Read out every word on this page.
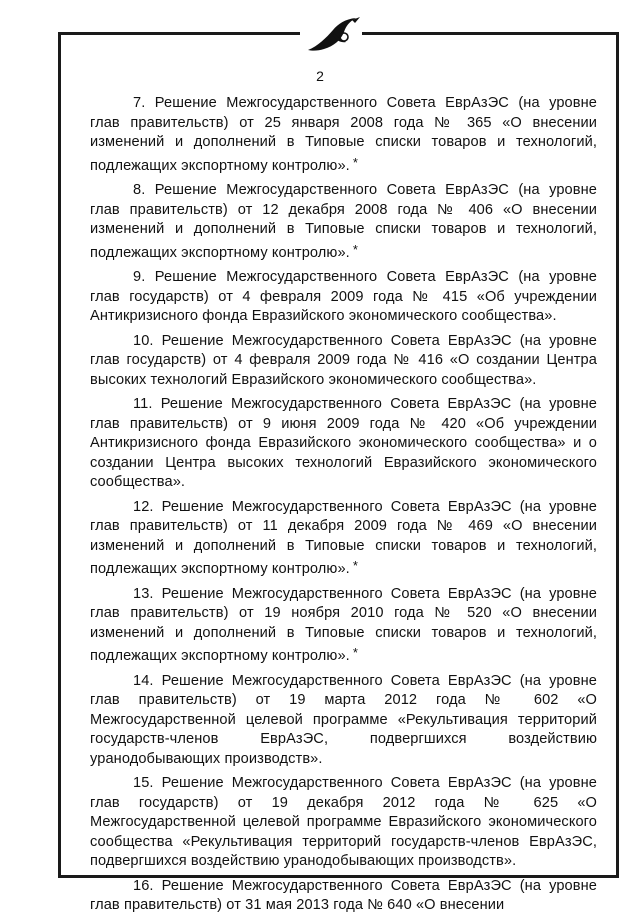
2

7. Решение Межгосударственного Совета ЕврАзЭС (на уровне глав правительств) от 25 января 2008 года № 365 «О внесении изменений и дополнений в Типовые списки товаров и технологий, подлежащих экспортному контролю». *

8. Решение Межгосударственного Совета ЕврАзЭС (на уровне глав правительств) от 12 декабря 2008 года № 406 «О внесении изменений и дополнений в Типовые списки товаров и технологий, подлежащих экспортному контролю». *

9. Решение Межгосударственного Совета ЕврАзЭС (на уровне глав государств) от 4 февраля 2009 года № 415 «Об учреждении Антикризисного фонда Евразийского экономического сообщества».

10. Решение Межгосударственного Совета ЕврАзЭС (на уровне глав государств) от 4 февраля 2009 года № 416 «О создании Центра высоких технологий Евразийского экономического сообщества».

11. Решение Межгосударственного Совета ЕврАзЭС (на уровне глав правительств) от 9 июня 2009 года № 420 «Об учреждении Антикризисного фонда Евразийского экономического сообщества» и о создании Центра высоких технологий Евразийского экономического сообщества».

12. Решение Межгосударственного Совета ЕврАзЭС (на уровне глав правительств) от 11 декабря 2009 года № 469 «О внесении изменений и дополнений в Типовые списки товаров и технологий, подлежащих экспортному контролю». *

13. Решение Межгосударственного Совета ЕврАзЭС (на уровне глав правительств) от 19 ноября 2010 года № 520 «О внесении изменений и дополнений в Типовые списки товаров и технологий, подлежащих экспортному контролю». *

14. Решение Межгосударственного Совета ЕврАзЭС (на уровне глав правительств) от 19 марта 2012 года № 602 «О Межгосударственной целевой программе «Рекультивация территорий государств-членов ЕврАзЭС, подвергшихся воздействию уранодобывающих производств».

15. Решение Межгосударственного Совета ЕврАзЭС (на уровне глав государств) от 19 декабря 2012 года № 625 «О Межгосударственной целевой программе Евразийского экономического сообщества «Рекультивация территорий государств-членов ЕврАзЭС, подвергшихся воздействию уранодобывающих производств».

16. Решение Межгосударственного Совета ЕврАзЭС (на уровне глав правительств) от 31 мая 2013 года № 640 «О внесении
